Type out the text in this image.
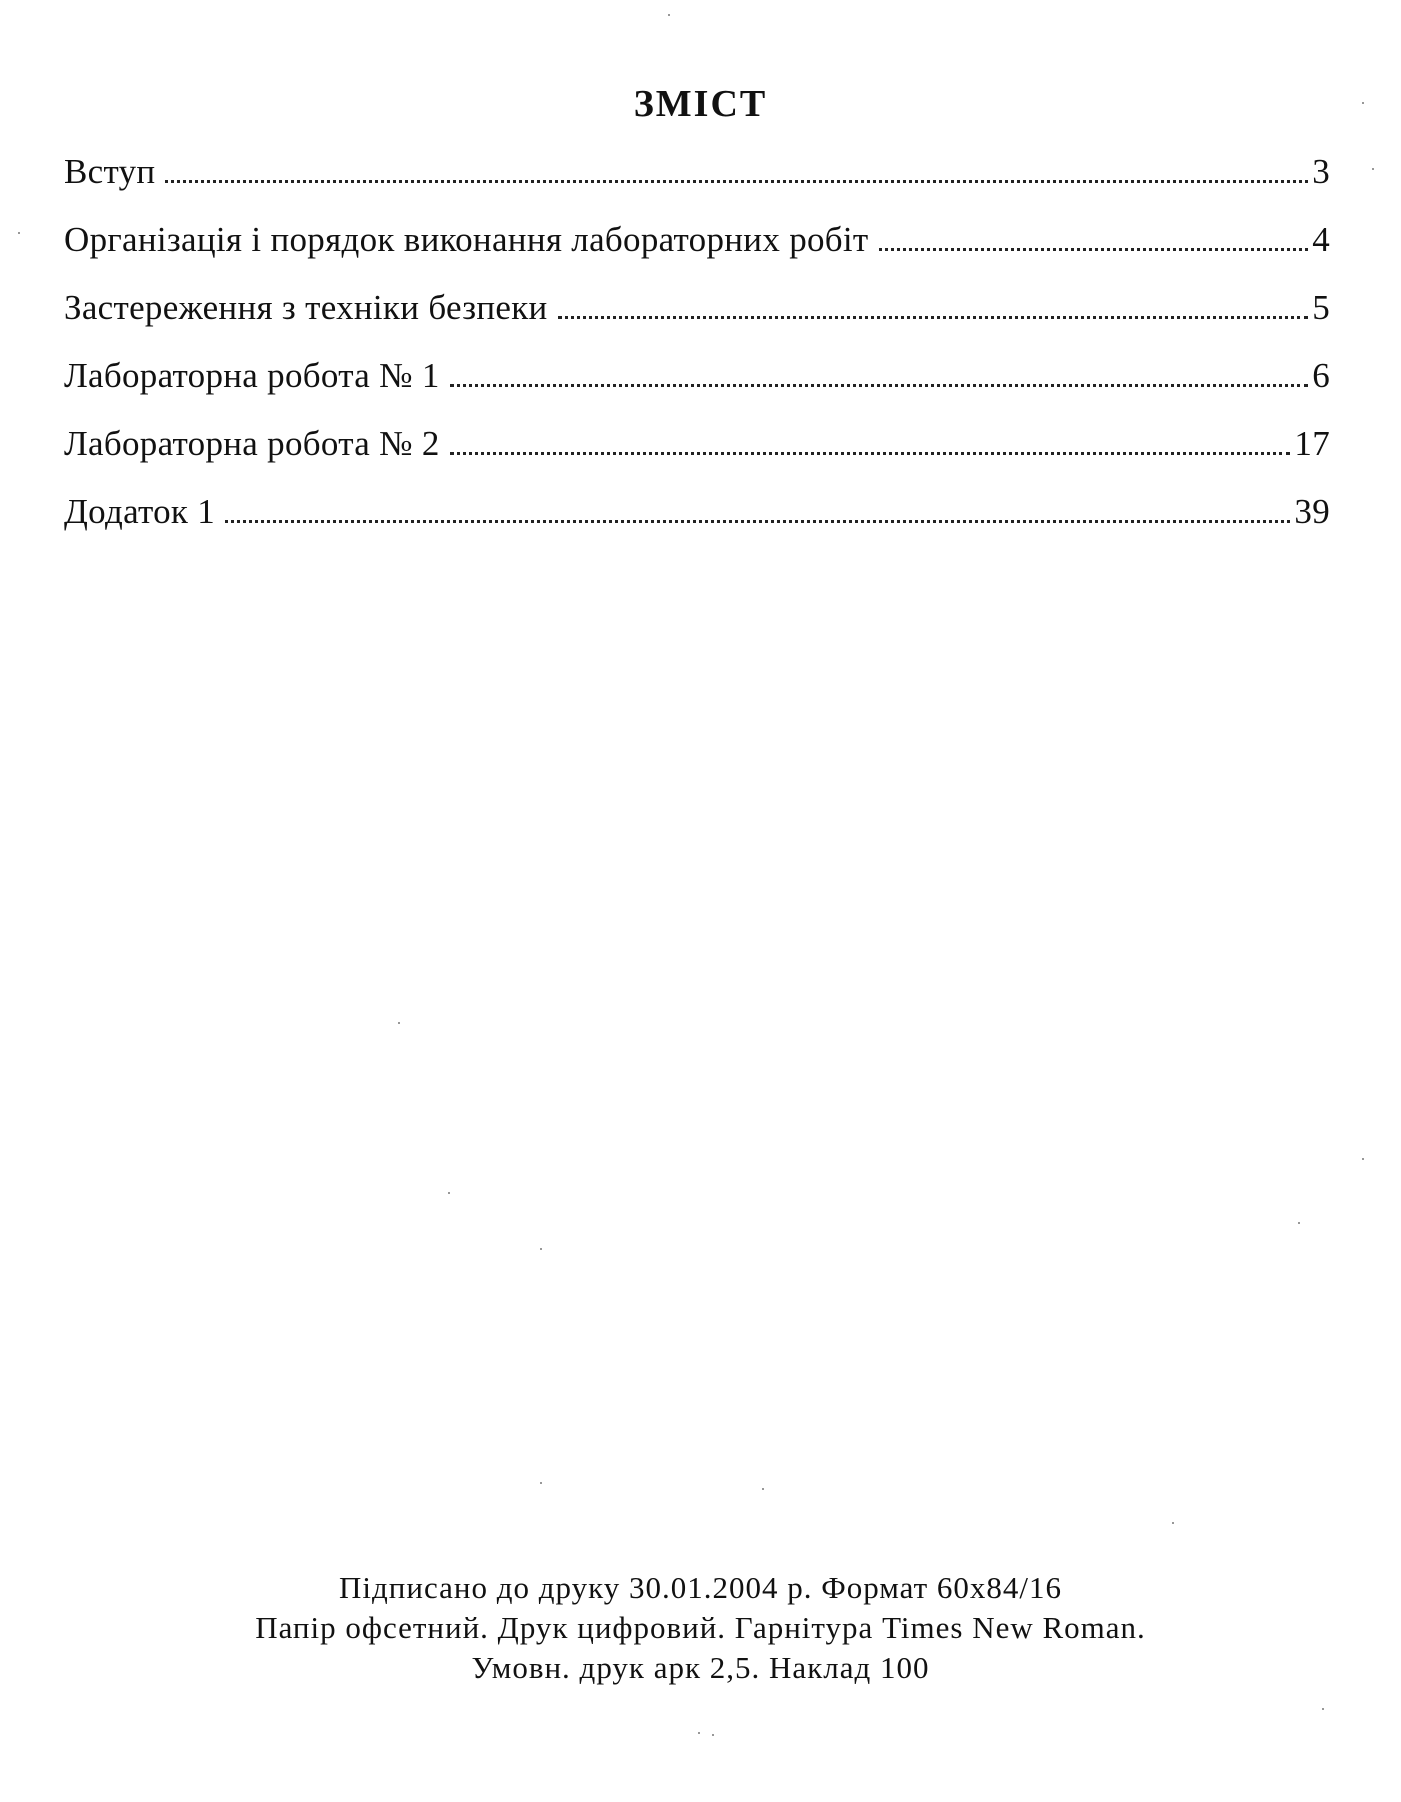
ЗМІСТ
Вступ	3
Організація і порядок виконання лабораторних робіт	4
Застереження з техніки безпеки	5
Лабораторна робота № 1	6
Лабораторна робота № 2	17
Додаток 1	39
Підписано до друку 30.01.2004 р. Формат 60x84/16
Папір офсетний. Друк цифровий. Гарнітура Times New Roman.
Умовн. друк арк 2,5. Наклад 100
